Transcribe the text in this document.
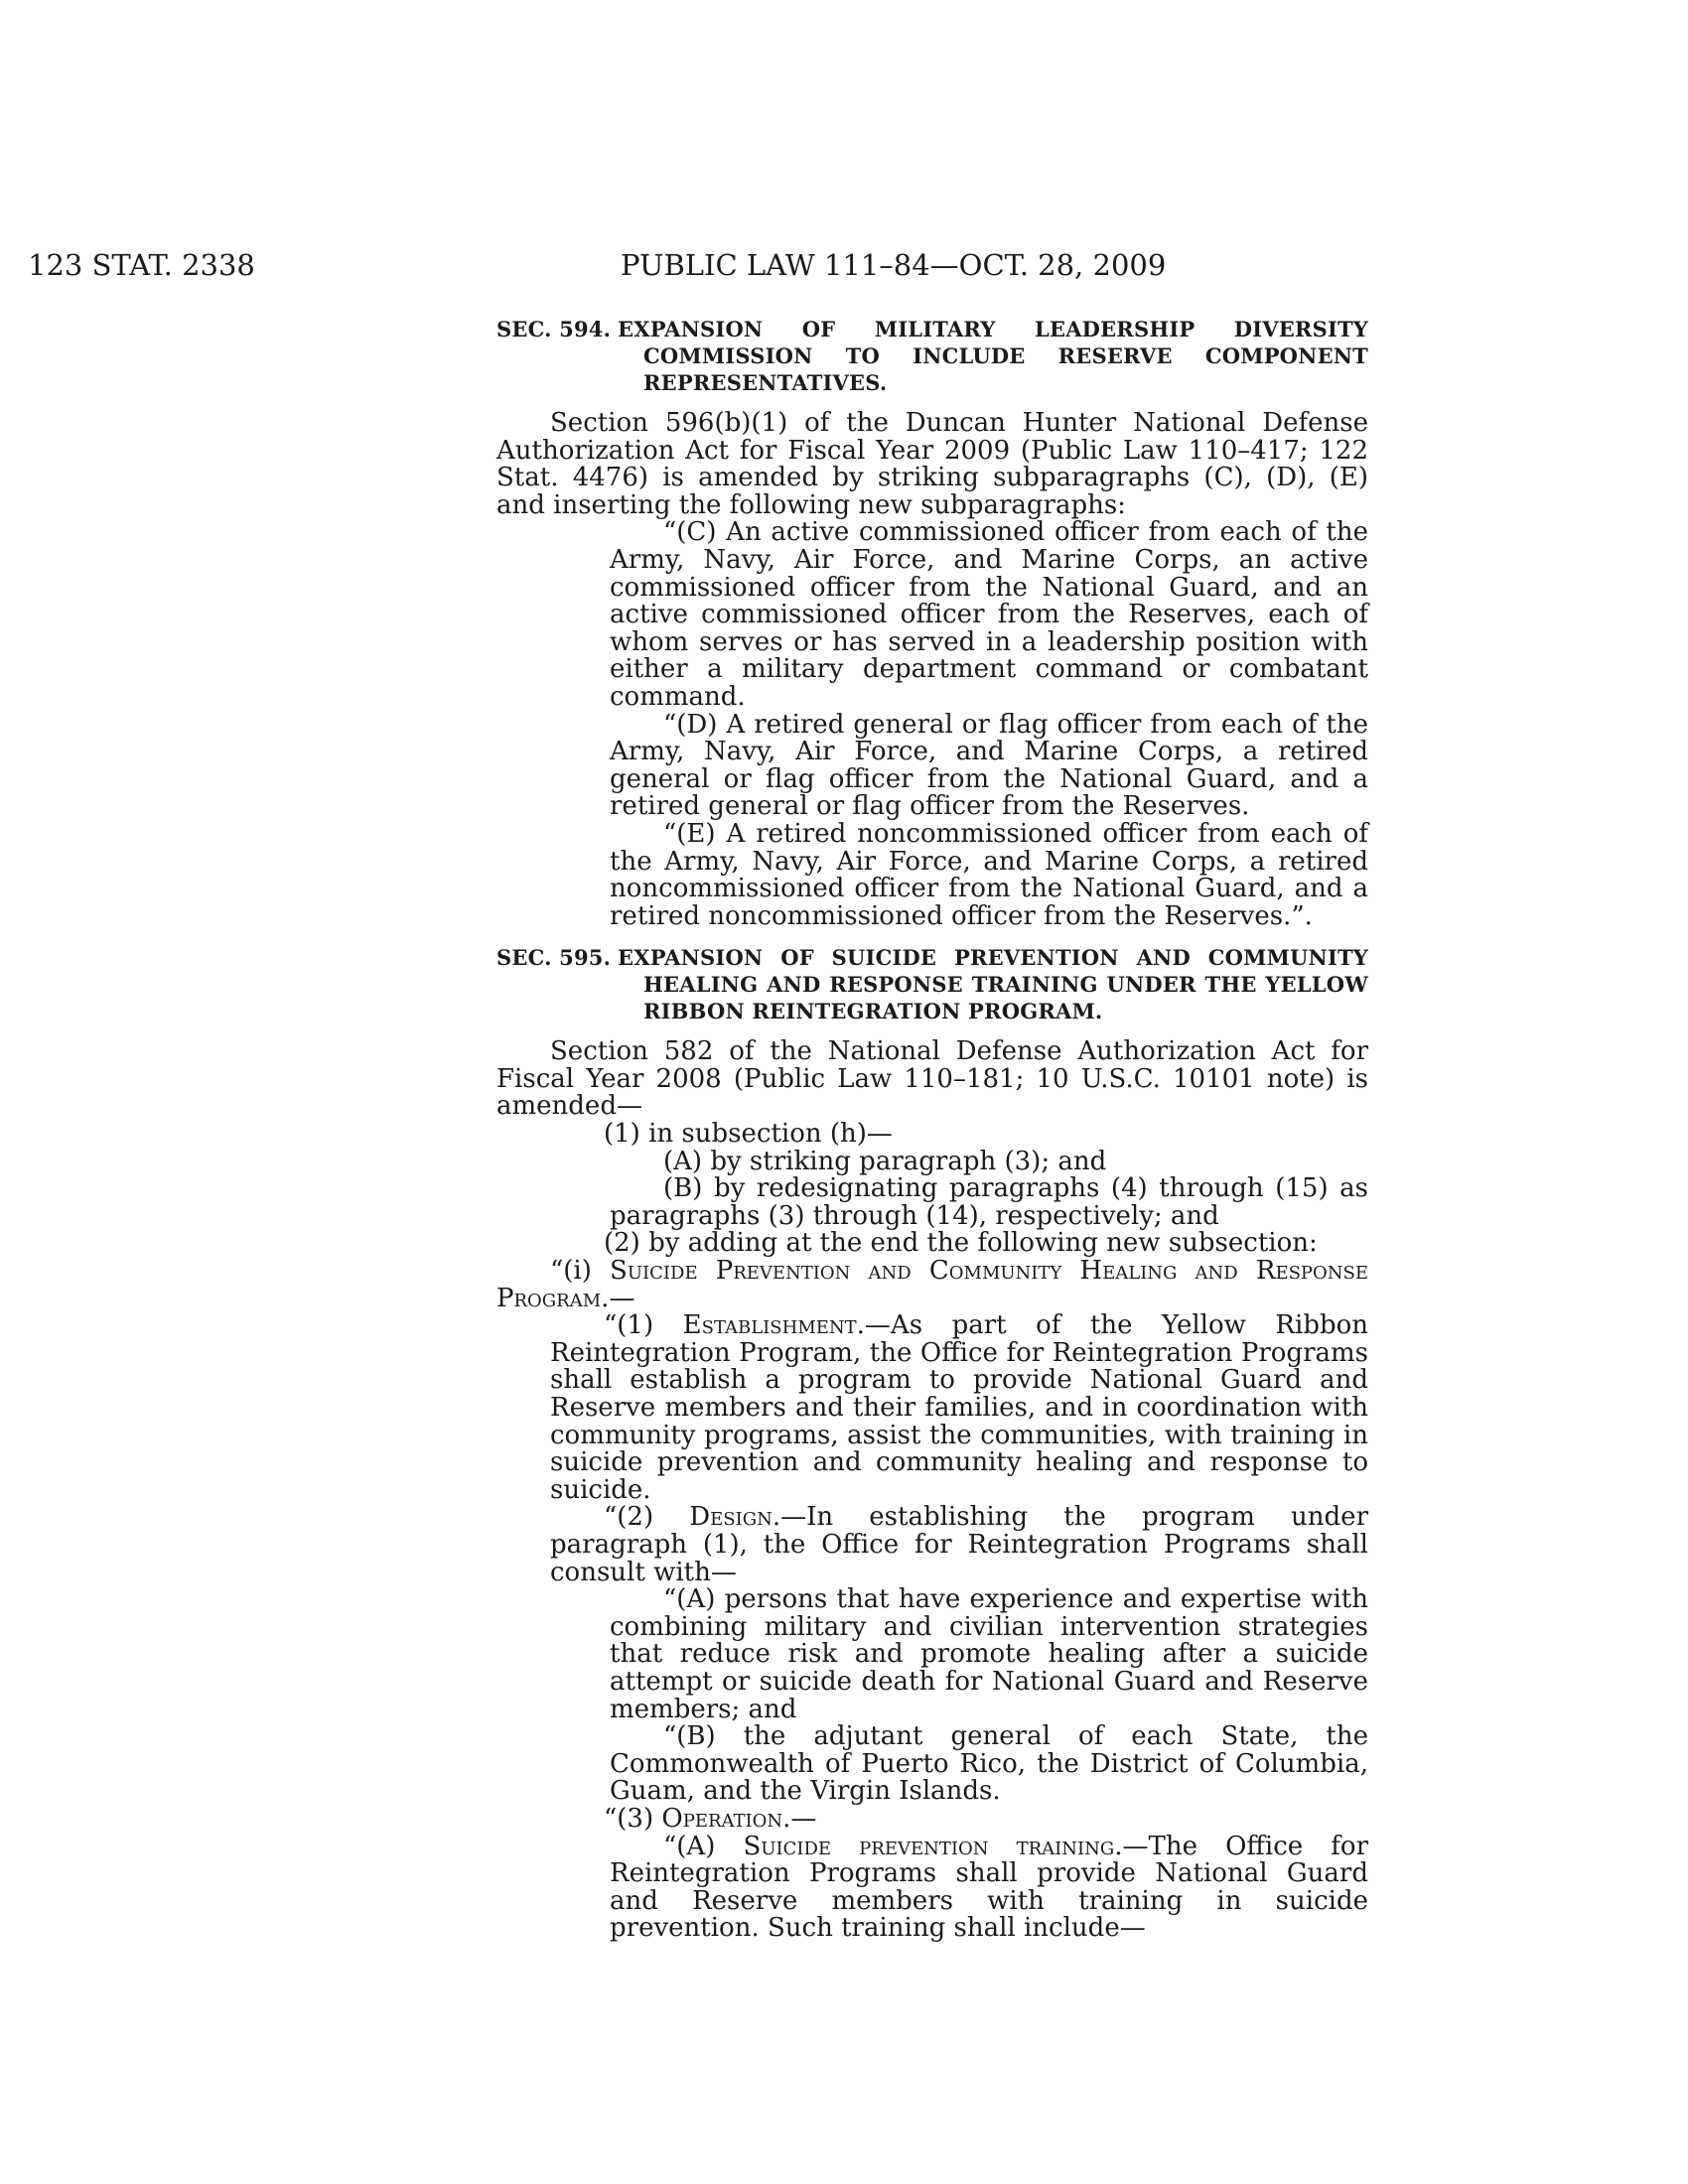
123 STAT. 2338	PUBLIC LAW 111–84—OCT. 28, 2009
SEC. 594. EXPANSION OF MILITARY LEADERSHIP DIVERSITY COMMISSION TO INCLUDE RESERVE COMPONENT REPRESENTATIVES.

Section 596(b)(1) of the Duncan Hunter National Defense Authorization Act for Fiscal Year 2009 (Public Law 110–417; 122 Stat. 4476) is amended by striking subparagraphs (C), (D), (E) and inserting the following new subparagraphs:

“(C) An active commissioned officer from each of the Army, Navy, Air Force, and Marine Corps, an active commissioned officer from the National Guard, and an active commissioned officer from the Reserves, each of whom serves or has served in a leadership position with either a military department command or combatant command.

“(D) A retired general or flag officer from each of the Army, Navy, Air Force, and Marine Corps, a retired general or flag officer from the National Guard, and a retired general or flag officer from the Reserves.

“(E) A retired noncommissioned officer from each of the Army, Navy, Air Force, and Marine Corps, a retired noncommissioned officer from the National Guard, and a retired noncommissioned officer from the Reserves.”.

SEC. 595. EXPANSION OF SUICIDE PREVENTION AND COMMUNITY HEALING AND RESPONSE TRAINING UNDER THE YELLOW RIBBON REINTEGRATION PROGRAM.

Section 582 of the National Defense Authorization Act for Fiscal Year 2008 (Public Law 110–181; 10 U.S.C. 10101 note) is amended—

(1) in subsection (h)—

(A) by striking paragraph (3); and

(B) by redesignating paragraphs (4) through (15) as paragraphs (3) through (14), respectively; and

(2) by adding at the end the following new subsection:

“(i) Suicide Prevention and Community Healing and Response Program.—

“(1) Establishment.—As part of the Yellow Ribbon Reintegration Program, the Office for Reintegration Programs shall establish a program to provide National Guard and Reserve members and their families, and in coordination with community programs, assist the communities, with training in suicide prevention and community healing and response to suicide.

“(2) Design.—In establishing the program under paragraph (1), the Office for Reintegration Programs shall consult with—

“(A) persons that have experience and expertise with combining military and civilian intervention strategies that reduce risk and promote healing after a suicide attempt or suicide death for National Guard and Reserve members; and

“(B) the adjutant general of each State, the Commonwealth of Puerto Rico, the District of Columbia, Guam, and the Virgin Islands.

“(3) Operation.—

“(A) Suicide prevention training.—The Office for Reintegration Programs shall provide National Guard and Reserve members with training in suicide prevention. Such training shall include—
